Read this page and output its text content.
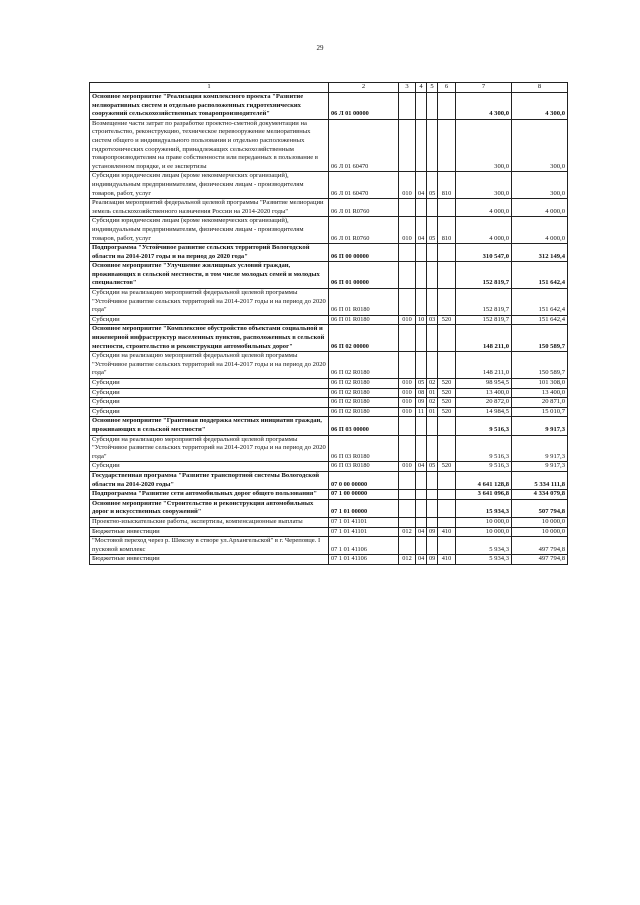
29
1	2	3	4	5	6	7	8
Основное мероприятие "Реализация комплексного проекта "Развитие мелиоративных систем и отдельно расположенных гидротехнических сооружений сельскохозяйственных товаропроизводителей"	06 Л 01 00000					4 300,0	4 300,0
Возмещение части затрат по разработке проектно-сметной документации на строительство, реконструкцию, техническое перевооружение мелиоративных систем общего и индивидуального пользования и отдельно расположенных гидротехнических сооружений, принадлежащих сельскохозяйственным товаропроизводителям на праве собственности или переданных в пользование в установленном порядке, и ее экспертизы	06 Л 01 60470					300,0	300,0
Субсидии юридическим лицам (кроме некоммерческих организаций), индивидуальным предпринимателям, физическим лицам - производителям товаров, работ, услуг	06 Л 01 60470	010	04	05	810	300,0	300,0
Реализация мероприятий федеральной целевой программы "Развитие мелиорации земель сельскохозяйственного назначения России на 2014-2020 годы"	06 Л 01 R0760					4 000,0	4 000,0
Субсидии юридическим лицам (кроме некоммерческих организаций), индивидуальным предпринимателям, физическим лицам - производителям товаров, работ, услуг	06 Л 01 R0760	010	04	05	810	4 000,0	4 000,0
Подпрограмма "Устойчивое развитие сельских территорий Вологодской области на 2014-2017 годы и на период до 2020 года"	06 П 00 00000					310 547,0	312 149,4
Основное мероприятие "Улучшение жилищных условий граждан, проживающих в сельской местности, в том числе молодых семей и молодых специалистов"	06 П 01 00000					152 819,7	151 642,4
Субсидии на реализацию мероприятий федеральной целевой программы "Устойчивое развитие сельских территорий на 2014-2017 годы и на период до 2020 года"	06 П 01 R0180					152 819,7	151 642,4
Субсидии	06 П 01 R0180	010	10	03	520	152 819,7	151 642,4
Основное мероприятие "Комплексное обустройство объектами социальной и инженерной инфраструктур населенных пунктов, расположенных в сельской местности, строительство и реконструкция автомобильных дорог"	06 П 02 00000					148 211,0	150 589,7
Субсидии на реализацию мероприятий федеральной целевой программы "Устойчивое развитие сельских территорий на 2014-2017 годы и на период до 2020 года"	06 П 02 R0180					148 211,0	150 589,7
Субсидии	06 П 02 R0180	010	05	02	520	98 954,5	101 308,0
Субсидии	06 П 02 R0180	010	08	01	520	13 400,0	13 400,0
Субсидии	06 П 02 R0180	010	09	02	520	20 872,0	20 871,0
Субсидии	06 П 02 R0180	010	11	01	520	14 984,5	15 010,7
Основное мероприятие "Грантовая поддержка местных инициатив граждан, проживающих в сельской местности"	06 П 03 00000					9 516,3	9 917,3
Субсидии на реализацию мероприятий федеральной целевой программы "Устойчивое развитие сельских территорий на 2014-2017 годы и на период до 2020 года"	06 П 03 R0180					9 516,3	9 917,3
Субсидии	06 П 03 R0180	010	04	05	520	9 516,3	9 917,3
Государственная программа "Развитие транспортной системы Вологодской области на 2014-2020 годы"	07 0 00 00000					4 641 128,8	5 334 111,8
Подпрограмма "Развитие сети автомобильных дорог общего пользования"	07 1 00 00000					3 641 096,8	4 334 079,8
Основное мероприятие "Строительство и реконструкция автомобильных дорог и искусственных сооружений"	07 1 01 00000					15 934,3	507 794,8
Проектно-изыскательские работы, экспертизы, компенсационные выплаты	07 1 01 41101					10 000,0	10 000,0
Бюджетные инвестиции	07 1 01 41101	012	04	09	410	10 000,0	10 000,0
"Мостовой переход через р. Шексну в створе ул.Архангельской" в г. Череповце. I пусковой комплекс	07 1 01 41106					5 934,3	497 794,8
Бюджетные инвестиции	07 1 01 41106	012	04	09	410	5 934,3	497 794,8
